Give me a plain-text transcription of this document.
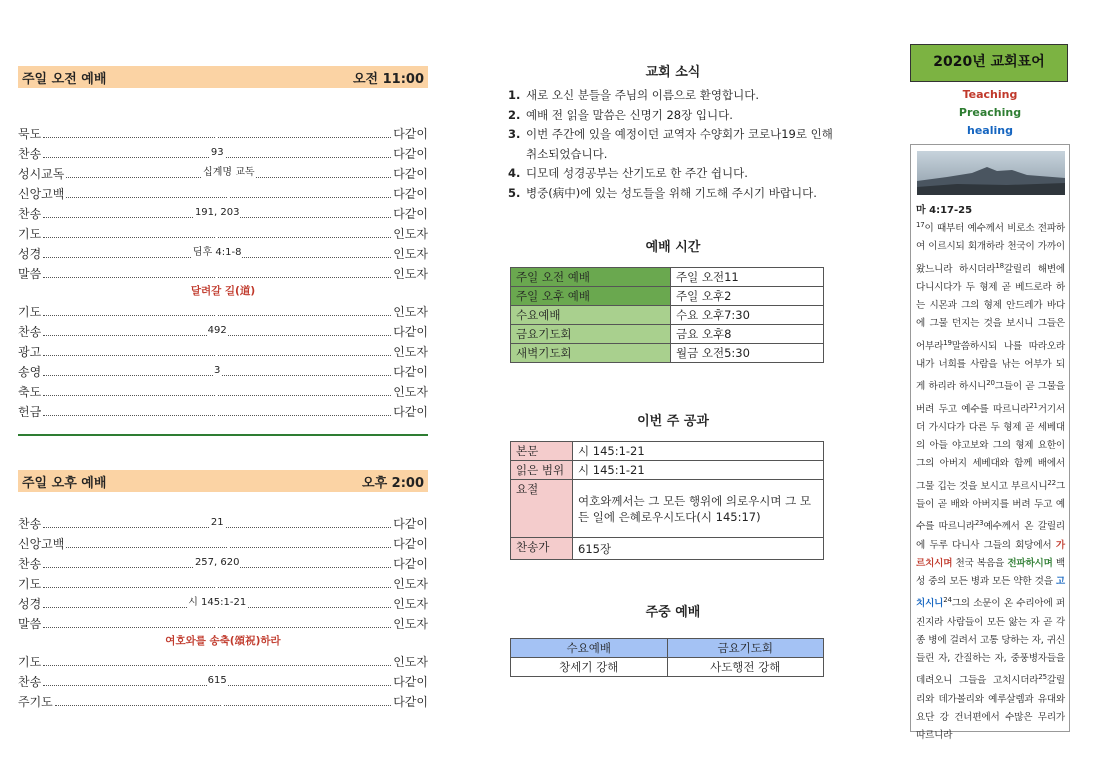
주일 오전 예배	오전 11:00
묵도	다같이
찬송	93	다같이
성시교독	십계명 교독	다같이
신앙고백	다같이
찬송	191, 203	다같이
기도	인도자
성경	딤후 4:1-8	인도자
말씀	인도자
달려갈 길(道)
기도	인도자
찬송	492	다같이
광고	인도자
송영	3	다같이
축도	인도자
헌금	다같이
주일 오후 예배	오후 2:00
찬송	21	다같이
신앙고백	다같이
찬송	257, 620	다같이
기도	인도자
성경	시 145:1-21	인도자
말씀	인도자
여호와를 송축(頌祝)하라
기도	인도자
찬송	615	다같이
주기도	다같이
교회 소식
1. 새로 오신 분들을 주님의 이름으로 환영합니다.
2. 예배 전 읽을 말씀은 신명기 28장 입니다.
3. 이번 주간에 있을 예정이던 교역자 수양회가 코로나19로 인해 취소되었습니다.
4. 디모데 성경공부는 산기도로 한 주간 쉽니다.
5. 병중(病中)에 있는 성도들을 위해 기도해 주시기 바랍니다.
예배 시간
주일 오전 예배	주일 오전11
주일 오후 예배	주일 오후2
수요예배	수요 오후7:30
금요기도회	금요 오후8
새벽기도회	월금 오전5:30
이번 주 공과
본문	시 145:1-21
읽은 범위	시 145:1-21
요절	여호와께서는 그 모든 행위에 의로우시며 그 모든 일에 은혜로우시도다(시 145:17)
찬송가	615장
주중 예배
수요예배	금요기도회
창세기 강해	사도행전 강해
2020년 교회표어
Teaching
Preaching
healing
마 4:17-25
$^{17}$이 때부터 예수께서 비로소 전파하여 이르시되 회개하라 천국이 가까이 왔느니라 하시더라$^{18}$갈릴리 해변에 다니시다가 두 형제 곧 베드로라 하는 시몬과 그의 형제 안드레가 바다에 그물 던지는 것을 보시니 그들은 어부라$^{19}$말씀하시되 나를 따라오라 내가 너희를 사람을 낚는 어부가 되게 하리라 하시니$^{20}$그들이 곧 그물을 버려 두고 예수를 따르니라$^{21}$거기서 더 가시다가 다른 두 형제 곧 세베대의 아들 야고보와 그의 형제 요한이 그의 아버지 세베대와 함께 배에서 그물 깁는 것을 보시고 부르시니$^{22}$그들이 곧 배와 아버지를 버려 두고 예수를 따르니라$^{23}$예수께서 온 갈릴리에 두루 다니사 그들의 회당에서 가르치시며 천국 복음을 전파하시며 백성 중의 모든 병과 모든 약한 것을 고치시니$^{24}$그의 소문이 온 수리아에 퍼진지라 사람들이 모든 앓는 자 곧 각종 병에 걸려서 고통 당하는 자, 귀신 들린 자, 간질하는 자, 중풍병자들을 데려오니 그들을 고치시더라$^{25}$갈릴리와 데가볼리와 예루살렘과 유대와 요단 강 건너편에서 수많은 무리가 따르니라
